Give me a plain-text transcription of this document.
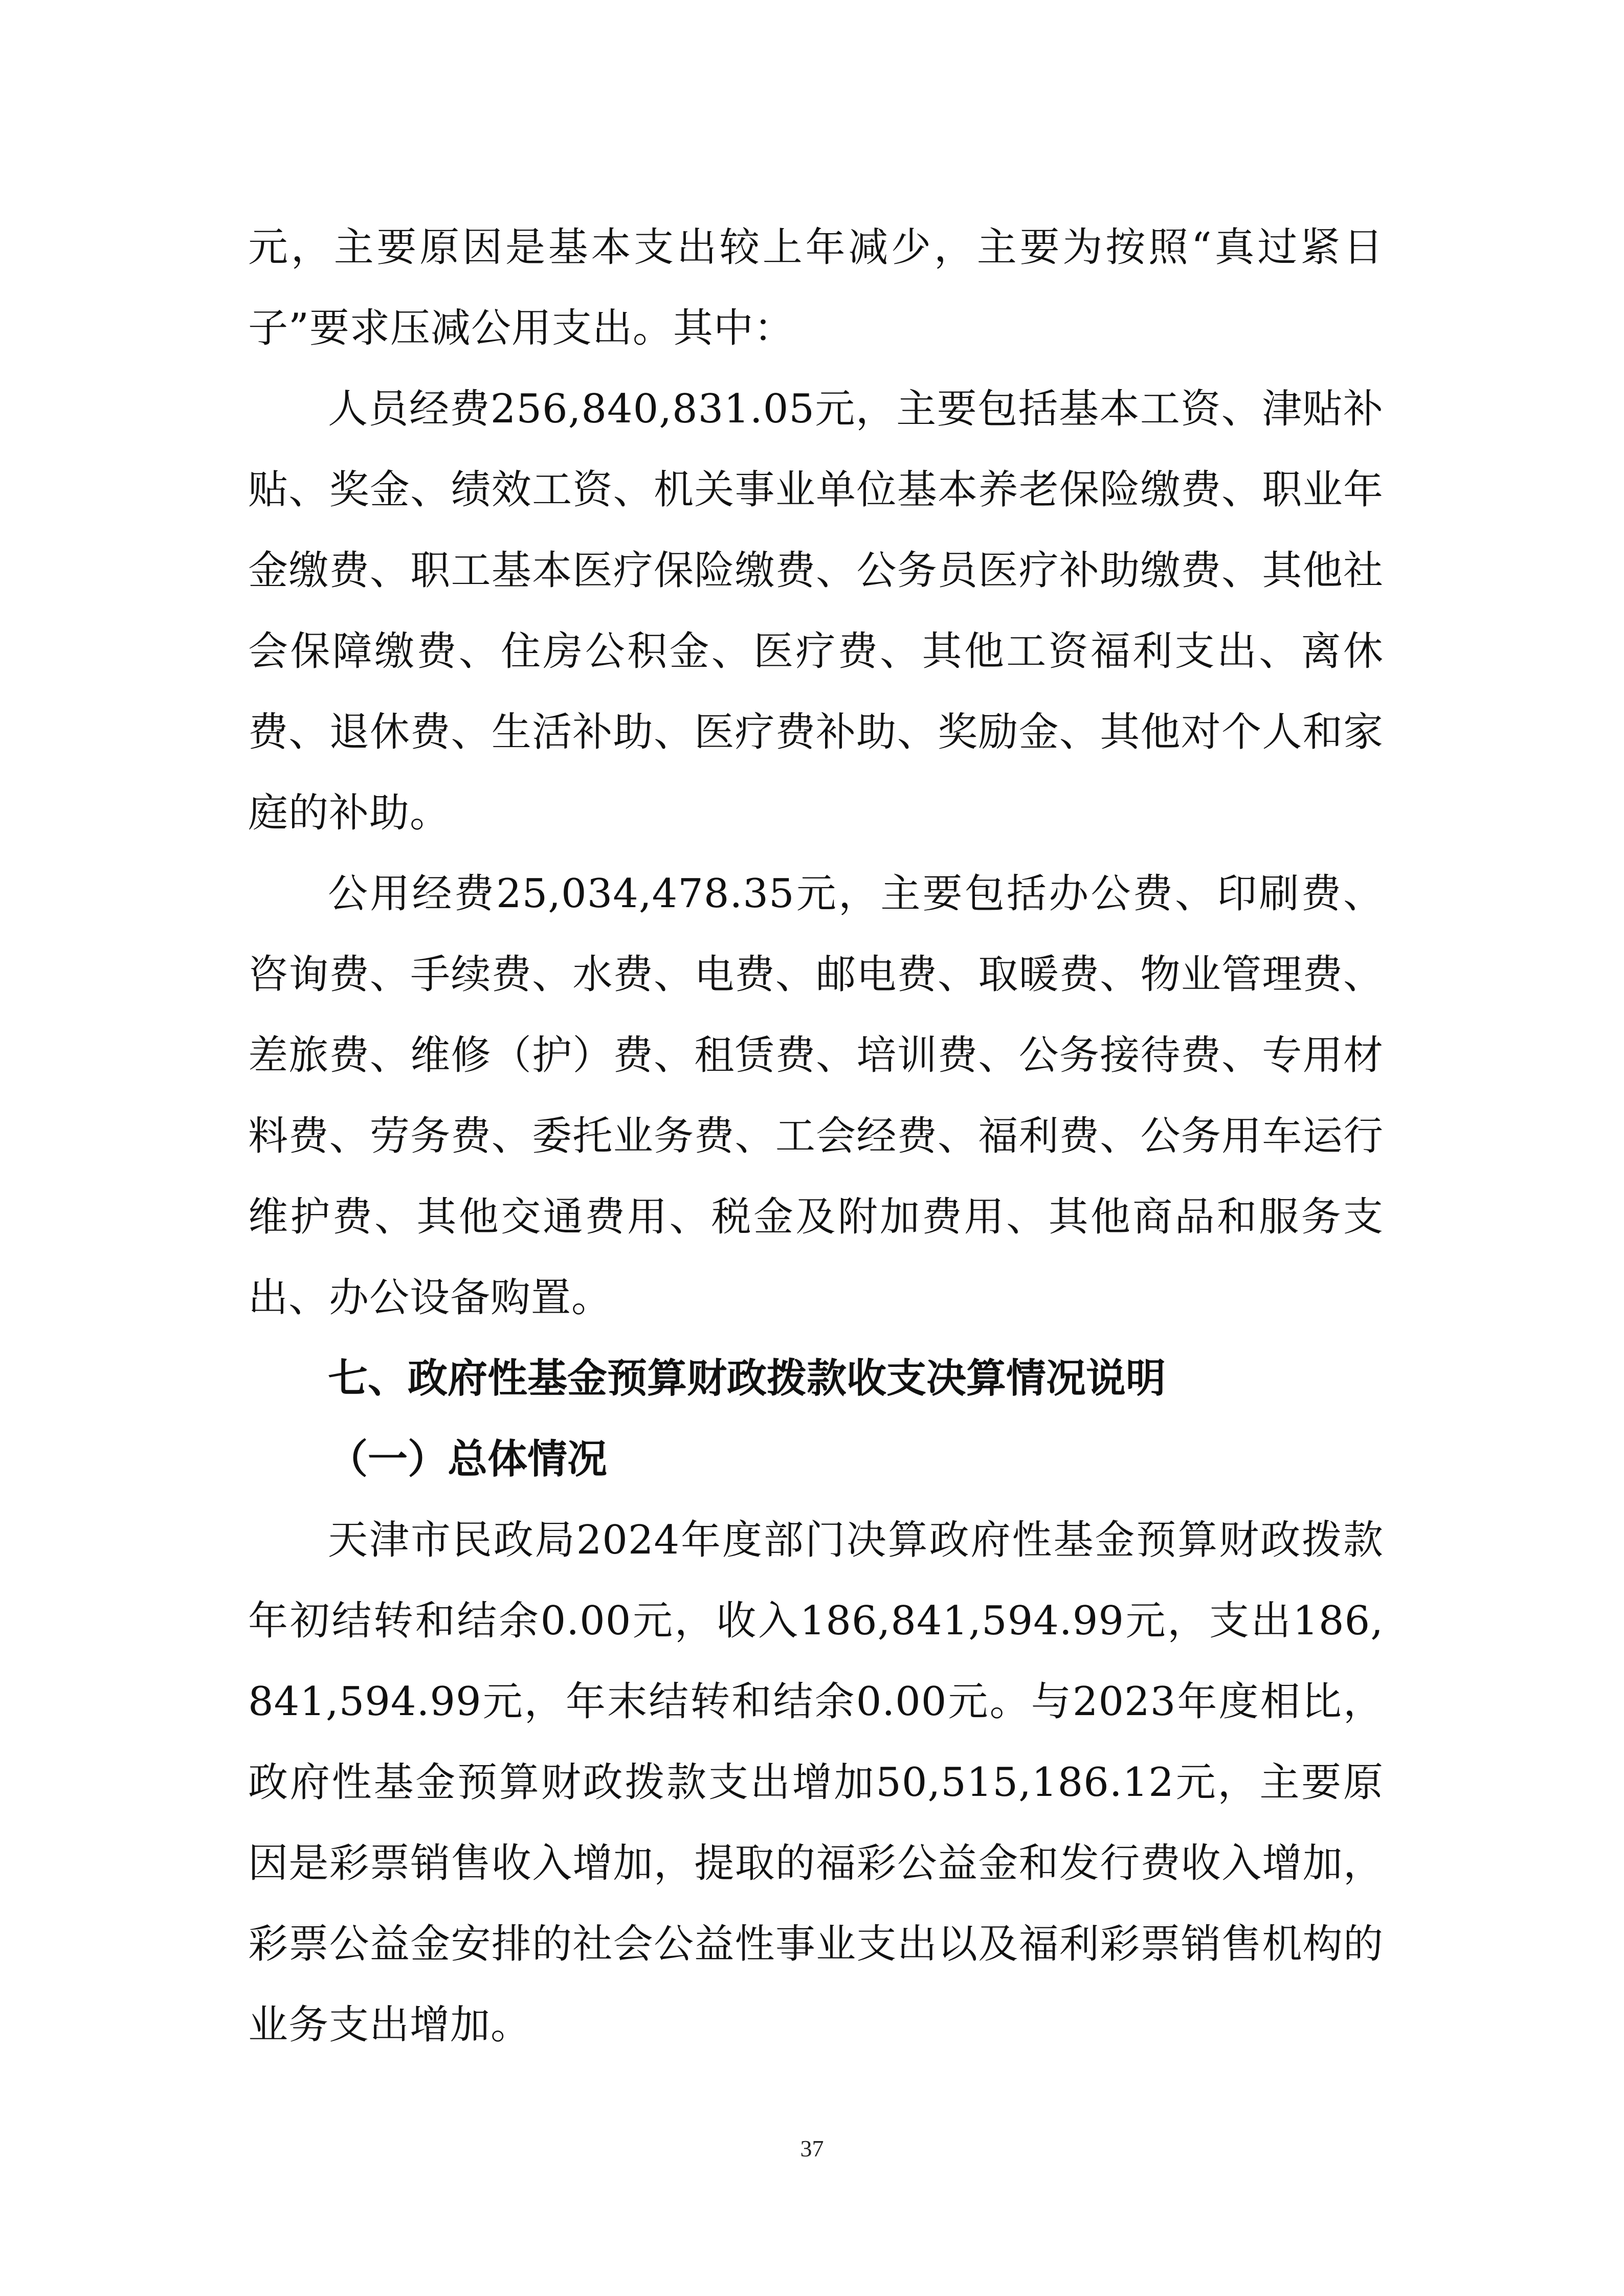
元，主要原因是基本支出较上年减少，主要为按照“真过紧日子”要求压减公用支出。其中：

人员经费256,840,831.05元，主要包括基本工资、津贴补贴、奖金、绩效工资、机关事业单位基本养老保险缴费、职业年金缴费、职工基本医疗保险缴费、公务员医疗补助缴费、其他社会保障缴费、住房公积金、医疗费、其他工资福利支出、离休费、退休费、生活补助、医疗费补助、奖励金、其他对个人和家庭的补助。

公用经费25,034,478.35元，主要包括办公费、印刷费、咨询费、手续费、水费、电费、邮电费、取暖费、物业管理费、差旅费、维修（护）费、租赁费、培训费、公务接待费、专用材料费、劳务费、委托业务费、工会经费、福利费、公务用车运行维护费、其他交通费用、税金及附加费用、其他商品和服务支出、办公设备购置。

七、政府性基金预算财政拨款收支决算情况说明
（一）总体情况

天津市民政局2024年度部门决算政府性基金预算财政拨款年初结转和结余0.00元，收入186,841,594.99元，支出186,841,594.99元，年末结转和结余0.00元。与2023年度相比，政府性基金预算财政拨款支出增加50,515,186.12元，主要原因是彩票销售收入增加，提取的福彩公益金和发行费收入增加，彩票公益金安排的社会公益性事业支出以及福利彩票销售机构的业务支出增加。

37
